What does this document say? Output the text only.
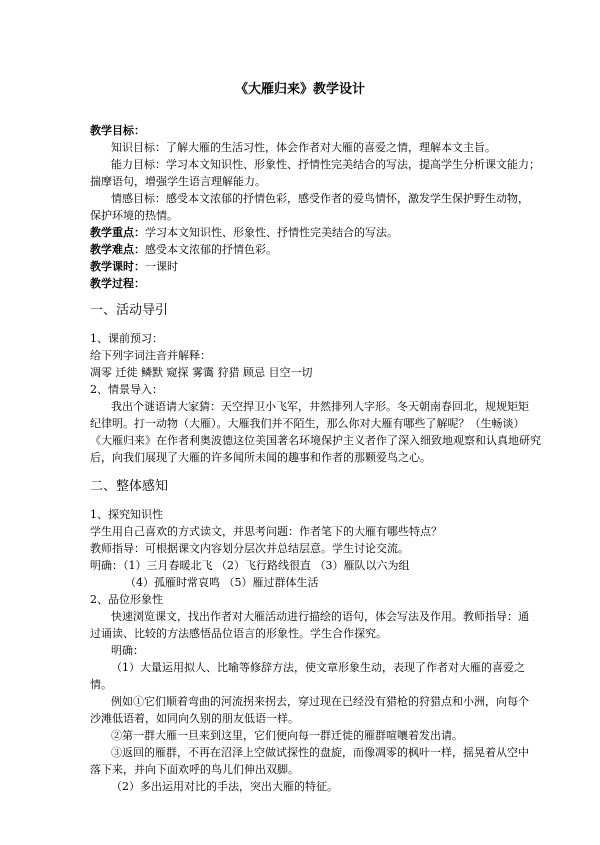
《大雁归来》教学设计
教学目标：
知识目标：了解大雁的生活习性，体会作者对大雁的喜爱之情，理解本文主旨。
能力目标：学习本文知识性、形象性、抒情性完美结合的写法，提高学生分析课文能力；
揣摩语句，增强学生语言理解能力。
情感目标：感受本文浓郁的抒情色彩，感受作者的爱鸟情怀，激发学生保护野生动物，
保护环境的热情。
教学重点：学习本文知识性、形象性、抒情性完美结合的写法。
教学难点：感受本文浓郁的抒情色彩。
教学课时：一课时
教学过程：
一、活动导引
1、课前预习：
给下列字词注音并解释：
凋零 迁徙 鳞默 窥探 雾霭 狩猎 顾忌 目空一切
2、情景导入：
我出个谜语请大家猜：天空捍卫小飞军，井然排列人字形。冬天朝南春回北，规规矩矩
纪律明。打一动物（大雁）。大雁我们并不陌生，那么你对大雁有哪些了解呢？（生畅谈）
《大雁归来》在作者利奥波德这位美国著名环境保护主义者作了深入细致地观察和认真地研究
后，向我们展现了大雁的许多闻所未闻的趣事和作者的那颗爱鸟之心。
二、整体感知
1、探究知识性
学生用自己喜欢的方式读文，并思考问题：作者笔下的大雁有哪些特点？
教师指导：可根据课文内容划分层次并总结层意。学生讨论交流。
明确：（1）三月春暖北飞 （2）飞行路线很直 （3）雁队以六为组
（4）孤雁时常哀鸣 （5）雁过群体生活
2、品位形象性
快速浏览课文，找出作者对大雁活动进行描绘的语句，体会写法及作用。教师指导：通
过诵读、比较的方法感悟品位语言的形象性。学生合作探究。
明确：
（1）大量运用拟人、比喻等修辞方法，使文章形象生动，表现了作者对大雁的喜爱之
情。
例如①它们顺着弯曲的河流拐来拐去，穿过现在已经没有猎枪的狩猎点和小洲，向每个
沙滩低语着，如同向久别的朋友低语一样。
②第一群大雁一旦来到这里，它们便向每一群迁徙的雁群喧嚷着发出请。
③返回的雁群，不再在沼泽上空做试探性的盘旋，而像凋零的枫叶一样，摇晃着从空中
落下来，并向下面欢呼的鸟儿们伸出双脚。
（2）多出运用对比的手法，突出大雁的特征。
